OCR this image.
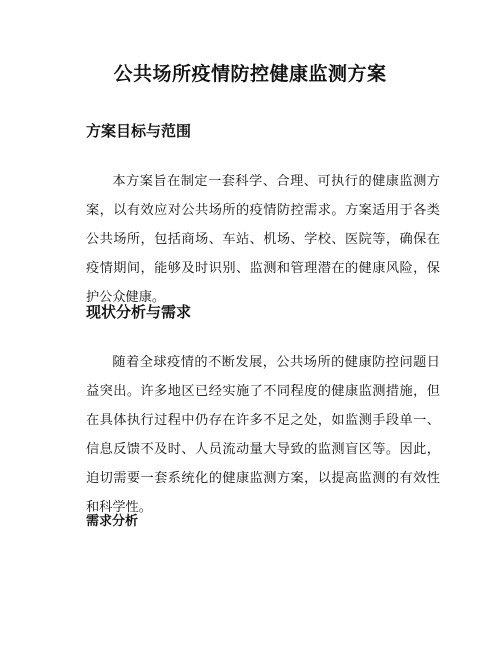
公共场所疫情防控健康监测方案
方案目标与范围

本方案旨在制定一套科学、合理、可执行的健康监测方案，以有效应对公共场所的疫情防控需求。方案适用于各类公共场所，包括商场、车站、机场、学校、医院等，确保在疫情期间，能够及时识别、监测和管理潜在的健康风险，保护公众健康。

现状分析与需求

随着全球疫情的不断发展，公共场所的健康防控问题日益突出。许多地区已经实施了不同程度的健康监测措施，但在具体执行过程中仍存在许多不足之处，如监测手段单一、信息反馈不及时、人员流动量大导致的监测盲区等。因此，迫切需要一套系统化的健康监测方案，以提高监测的有效性和科学性。

需求分析
